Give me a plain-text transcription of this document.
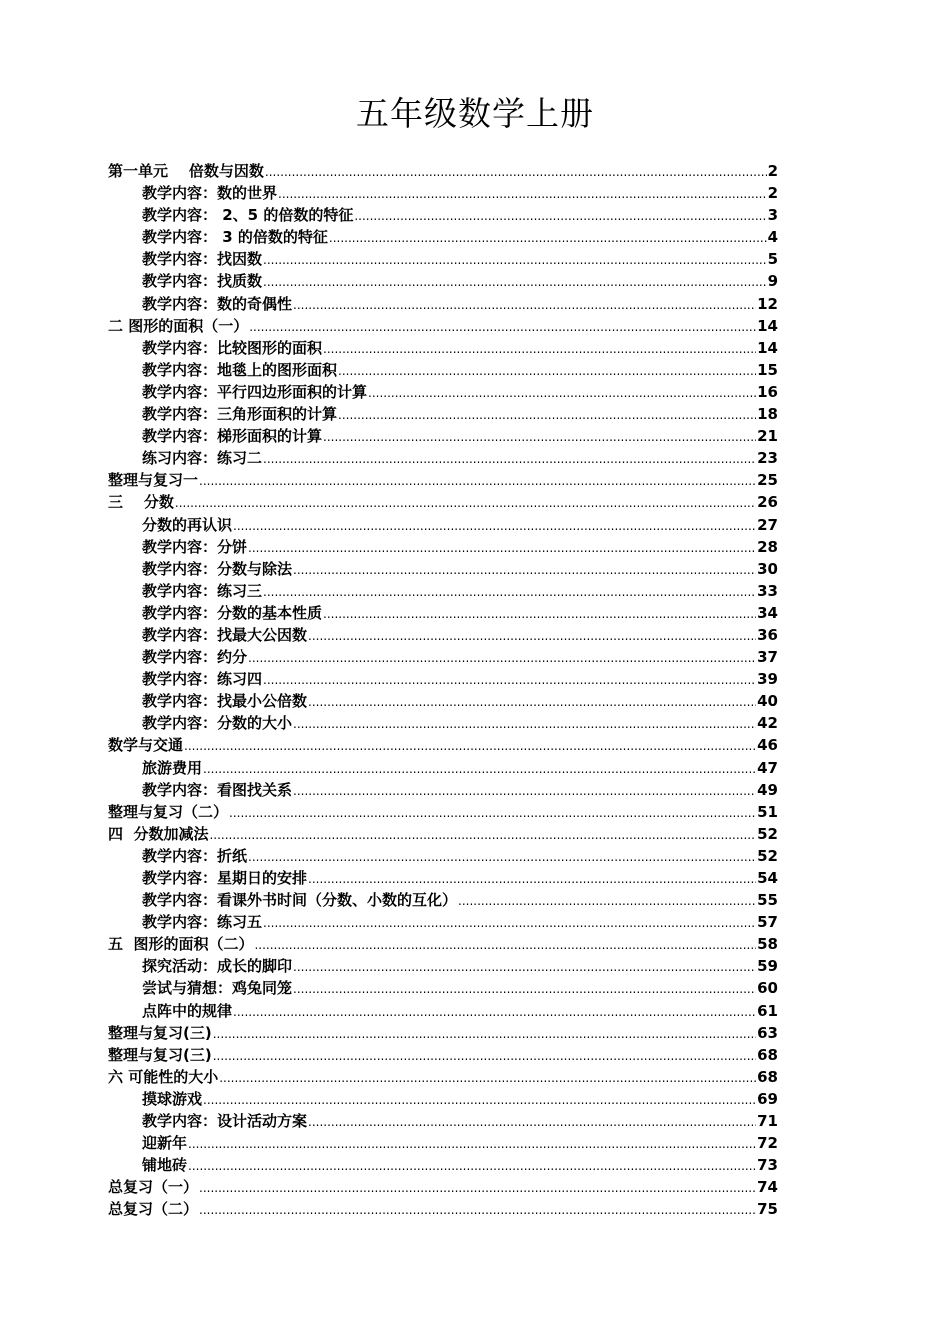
五年级数学上册
第一单元    倍数与因数 .....	2
教学内容：数的世界 .....	2
教学内容： 2、5 的倍数的特征 .....	3
教学内容： 3 的倍数的特征 .....	4
教学内容：找因数 .....	5
教学内容：找质数 .....	9
教学内容：数的奇偶性 .....	12
二 图形的面积（一） .....	14
教学内容：比较图形的面积 .....	14
教学内容：地毯上的图形面积 .....	15
教学内容：平行四边形面积的计算 .....	16
教学内容：三角形面积的计算 .....	18
教学内容：梯形面积的计算 .....	21
练习内容：练习二 .....	23
整理与复习一 .....	25
三    分数 .....	26
分数的再认识 .....	27
教学内容：分饼 .....	28
教学内容：分数与除法 .....	30
教学内容：练习三 .....	33
教学内容：分数的基本性质 .....	34
教学内容：找最大公因数 .....	36
教学内容：约分 .....	37
教学内容：练习四 .....	39
教学内容：找最小公倍数 .....	40
教学内容：分数的大小 .....	42
数学与交通 .....	46
旅游费用 .....	47
教学内容：看图找关系 .....	49
整理与复习（二） .....	51
四  分数加减法 .....	52
教学内容：折纸 .....	52
教学内容：星期日的安排 .....	54
教学内容：看课外书时间（分数、小数的互化） .....	55
教学内容：练习五 .....	57
五  图形的面积（二） .....	58
探究活动：成长的脚印 .....	59
尝试与猜想：鸡兔同笼 .....	60
点阵中的规律 .....	61
整理与复习(三) .....	63
整理与复习(三) .....	68
六 可能性的大小 .....	68
摸球游戏 .....	69
教学内容：设计活动方案 .....	71
迎新年 .....	72
铺地砖 .....	73
总复习（一） .....	74
总复习（二） .....	75
